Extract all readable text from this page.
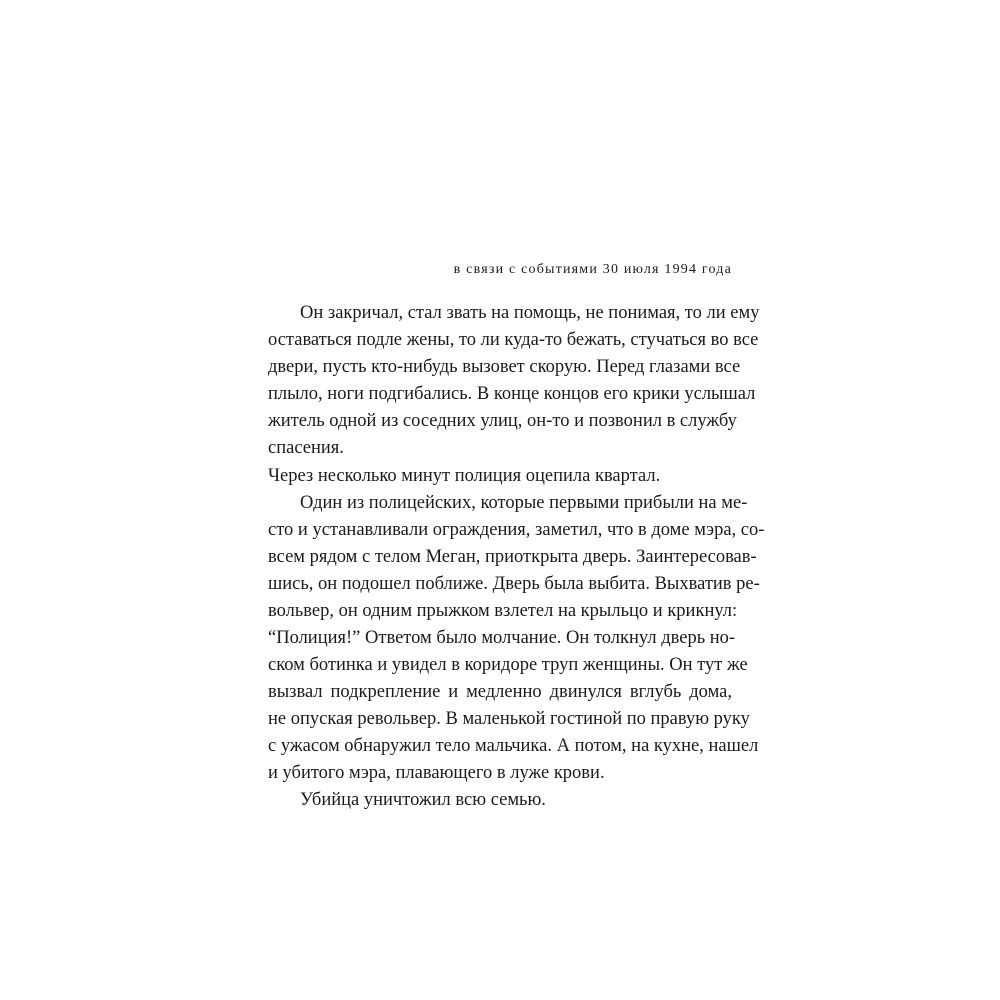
в связи с событиями 30 июля 1994 года
Он закричал, стал звать на помощь, не понимая, то ли ему
оставаться подле жены, то ли куда-то бежать, стучаться во все
двери, пусть кто-нибудь вызовет скорую. Перед глазами все
плыло, ноги подгибались. В конце концов его крики услышал
житель одной из соседних улиц, он-то и позвонил в службу
спасения.
Через несколько минут полиция оцепила квартал.
Один из полицейских, которые первыми прибыли на ме-
сто и устанавливали ограждения, заметил, что в доме мэра, со-
всем рядом с телом Меган, приоткрыта дверь. Заинтересовав-
шись, он подошел поближе. Дверь была выбита. Выхватив ре-
вольвер, он одним прыжком взлетел на крыльцо и крикнул:
“Полиция!” Ответом было молчание. Он толкнул дверь но-
ском ботинка и увидел в коридоре труп женщины. Он тут же
вызвал подкрепление и медленно двинулся вглубь дома,
не опуская револьвер. В маленькой гостиной по правую руку
с ужасом обнаружил тело мальчика. А потом, на кухне, нашел
и убитого мэра, плавающего в луже крови.
Убийца уничтожил всю семью.
